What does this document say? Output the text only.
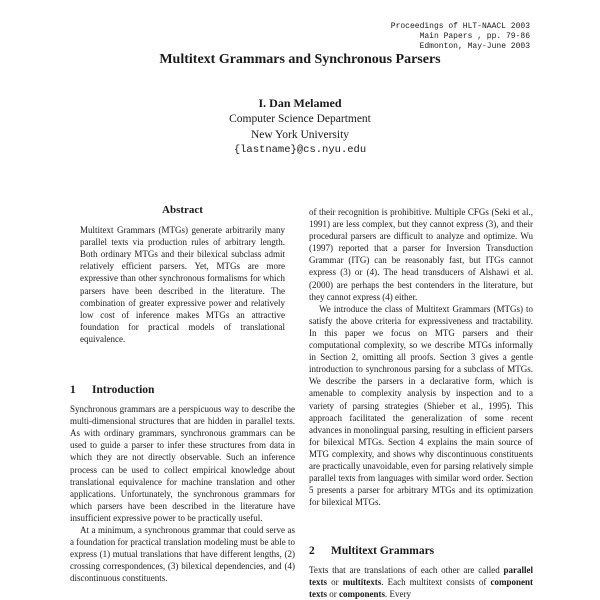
Proceedings of HLT-NAACL 2003
Main Papers , pp. 79-86
Edmonton, May-June 2003
Multitext Grammars and Synchronous Parsers
I. Dan Melamed
Computer Science Department
New York University
{lastname}@cs.nyu.edu
Abstract

Multitext Grammars (MTGs) generate arbitrarily many parallel texts via production rules of arbitrary length. Both ordinary MTGs and their bilexical subclass admit relatively efficient parsers. Yet, MTGs are more expressive than other synchronous formalisms for which parsers have been described in the literature. The combination of greater expressive power and relatively low cost of inference makes MTGs an attractive foundation for practical models of translational equivalence.

1 Introduction

Synchronous grammars are a perspicuous way to describe the multi-dimensional structures that are hidden in parallel texts. As with ordinary grammars, synchronous grammars can be used to guide a parser to infer these structures from data in which they are not directly observable. Such an inference process can be used to collect empirical knowledge about translational equivalence for machine translation and other applications. Unfortunately, the synchronous grammars for which parsers have been described in the literature have insufficient expressive power to be practically useful.

At a minimum, a synchronous grammar that could serve as a foundation for practical translation modeling must be able to express (1) mutual translations that have different lengths, (2) crossing correspondences, (3) bilexical dependencies, and (4) discontinuous constituents.

of their recognition is prohibitive. Multiple CFGs (Seki et al., 1991) are less complex, but they cannot express (3), and their procedural parsers are difficult to analyze and optimize. Wu (1997) reported that a parser for Inversion Transduction Grammar (ITG) can be reasonably fast, but ITGs cannot express (3) or (4). The head transducers of Alshawi et al. (2000) are perhaps the best contenders in the literature, but they cannot express (4) either.

We introduce the class of Multitext Grammars (MTGs) to satisfy the above criteria for expressiveness and tractability. In this paper we focus on MTG parsers and their computational complexity, so we describe MTGs informally in Section 2, omitting all proofs. Section 3 gives a gentle introduction to synchronous parsing for a subclass of MTGs. We describe the parsers in a declarative form, which is amenable to complexity analysis by inspection and to a variety of parsing strategies (Shieber et al., 1995). This approach facilitated the generalization of some recent advances in monolingual parsing, resulting in efficient parsers for bilexical MTGs. Section 4 explains the main source of MTG complexity, and shows why discontinuous constituents are practically unavoidable, even for parsing relatively simple parallel texts from languages with similar word order. Section 5 presents a parser for arbitrary MTGs and its optimization for bilexical MTGs.

2 Multitext Grammars

Texts that are translations of each other are called parallel texts or multitexts. Each multitext consists of component texts or components. Every
